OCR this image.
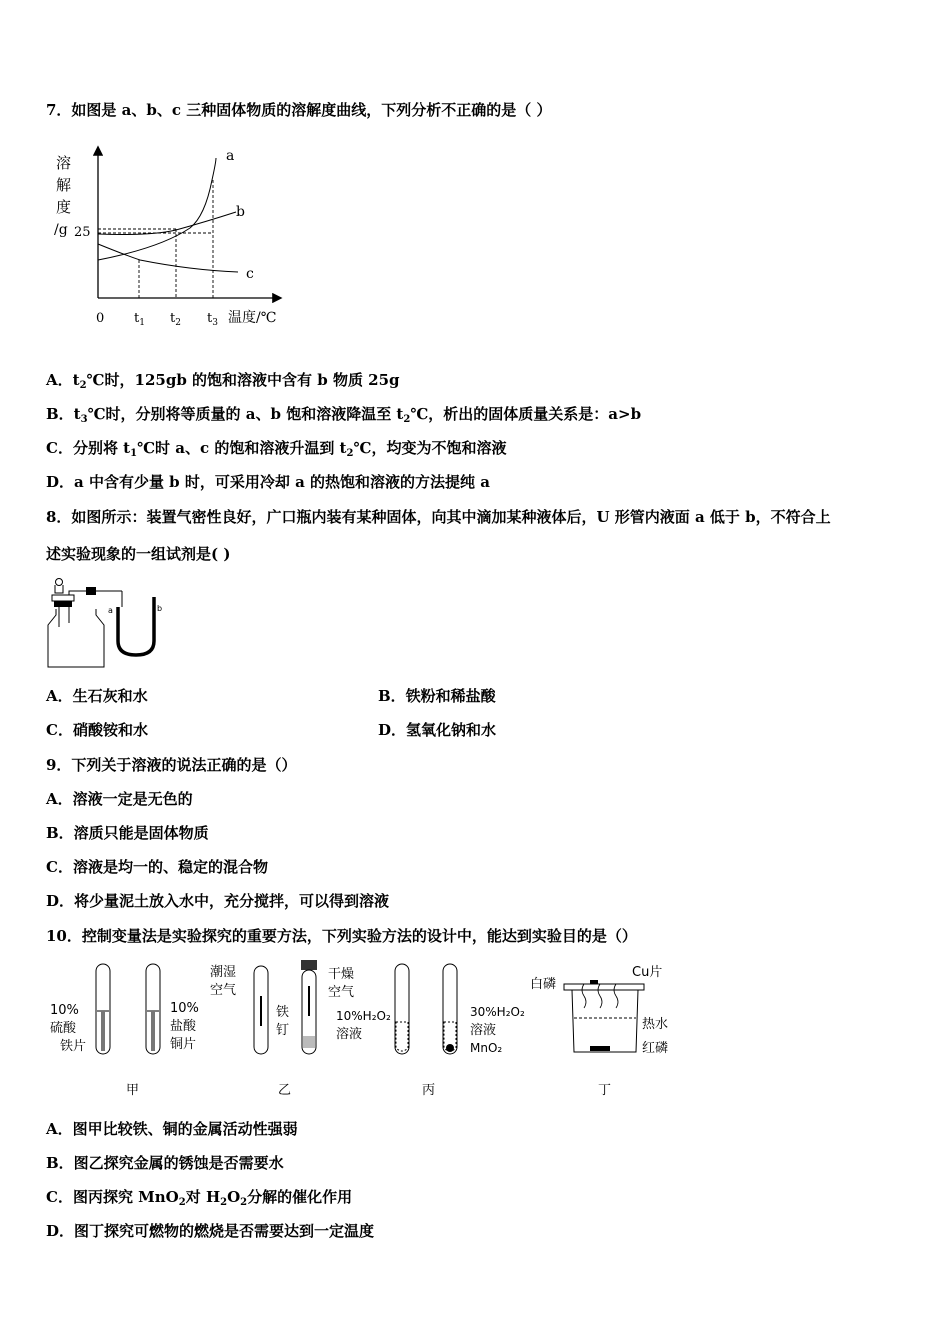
7．如图是 a、b、c 三种固体物质的溶解度曲线，下列分析不正确的是（ ）
溶
解
度
/g 25
0 $t_1$ $t_2$ $t_3$ 温度/℃
a
b
c
A．$t_2℃$时，125gb 的饱和溶液中含有 b 物质 25g
B．$t_3℃$时，分别将等质量的 a、b 饱和溶液降温至 $t_2℃$，析出的固体质量关系是：a>b
C．分别将 $t_1℃$时 a、c 的饱和溶液升温到 $t_2℃$，均变为不饱和溶液
D．a 中含有少量 b 时，可采用冷却 a 的热饱和溶液的方法提纯 a
8．如图所示：装置气密性良好，广口瓶内装有某种固体，向其中滴加某种液体后，U 形管内液面 a 低于 b，不符合上
述实验现象的一组试剂是( )
a	b
A．生石灰和水	B．铁粉和稀盐酸
C．硝酸铵和水	D．氢氧化钠和水
9．下列关于溶液的说法正确的是（）
A．溶液一定是无色的
B．溶质只能是固体物质
C．溶液是均一的、稳定的混合物
D．将少量泥土放入水中，充分搅拌，可以得到溶液
10．控制变量法是实验探究的重要方法，下列实验方法的设计中，能达到实验目的是（）
10%
硫酸
铁片
10%
盐酸
铜片
潮湿
空气
铁
钉
干燥
空气
10%H₂O₂
溶液
30%H₂O₂
溶液
MnO₂
白磷
Cu片
热水
红磷
甲	乙	丙	丁
A．图甲比较铁、铜的金属活动性强弱
B．图乙探究金属的锈蚀是否需要水
C．图丙探究 MnO$_2$对 $H_2O_2$分解的催化作用
D．图丁探究可燃物的燃烧是否需要达到一定温度
